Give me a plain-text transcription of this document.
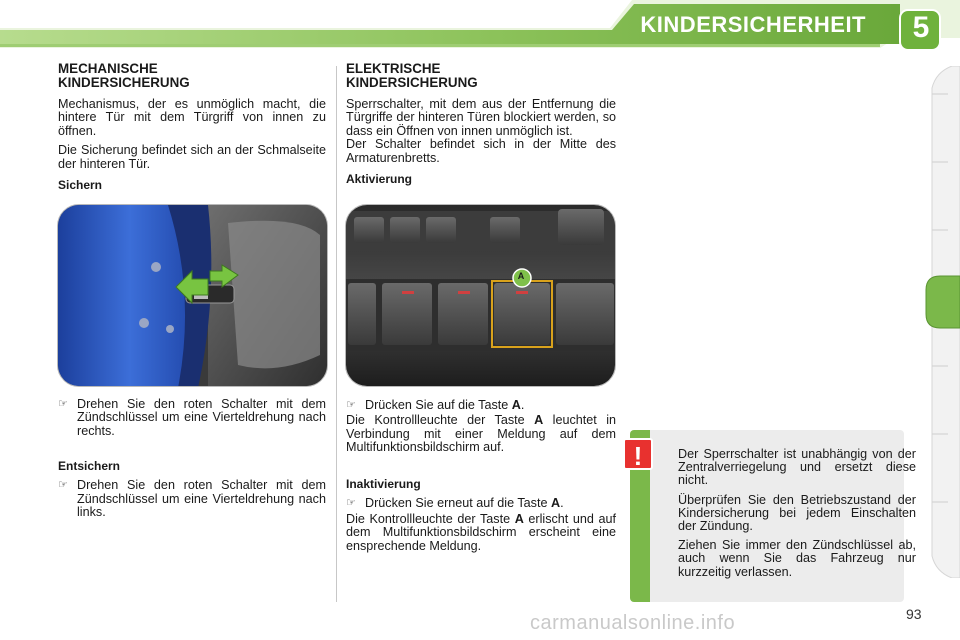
KINDERSICHERHEIT 5
MECHANISCHE
KINDERSICHERUNG

Mechanismus, der es unmöglich macht, die hintere Tür mit dem Türgriff von innen zu öffnen.

Die Sicherung befindet sich an der Schmalseite der hinteren Tür.

Sichern
☞ Drehen Sie den roten Schalter mit dem Zündschlüssel um eine Vierteldrehung nach rechts.
Entsichern
☞ Drehen Sie den roten Schalter mit dem Zündschlüssel um eine Vierteldrehung nach links.
ELEKTRISCHE
KINDERSICHERUNG

Sperrschalter, mit dem aus der Entfernung die Türgriffe der hinteren Türen blockiert werden, so dass ein Öffnen von innen unmöglich ist.

Der Schalter befindet sich in der Mitte des Armaturenbretts.

Aktivierung
A
☞ Drücken Sie auf die Taste A.

Die Kontrollleuchte der Taste A leuchtet in Verbindung mit einer Meldung auf dem Multifunktionsbildschirm auf.

Inaktivierung
☞ Drücken Sie erneut auf die Taste A.

Die Kontrollleuchte der Taste A erlischt und auf dem Multifunktionsbildschirm erscheint eine ensprechende Meldung.

Der Sperrschalter ist unabhängig von der Zentralverriegelung und ersetzt diese nicht.

Überprüfen Sie den Betriebszustand der Kindersicherung bei jedem Einschalten der Zündung.

Ziehen Sie immer den Zündschlüssel ab, auch wenn Sie das Fahrzeug nur kurzzeitig verlassen.

!
carmanualsonline.info	93
